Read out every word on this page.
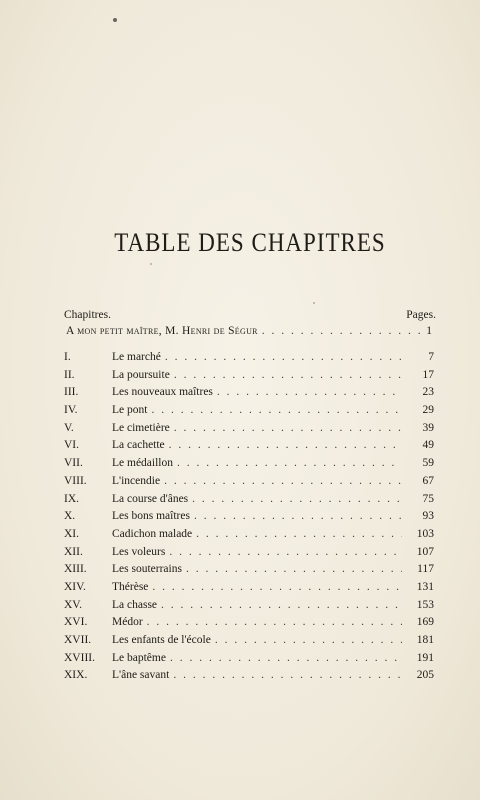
TABLE DES CHAPITRES
Chapitres.	Pages.
A mon petit maître, M. Henri de Ségur . . .	1
I.	Le marché . . .	7
II.	La poursuite . . .	17
III.	Les nouveaux maîtres . . .	23
IV.	Le pont . . .	29
V.	Le cimetière . . .	39
VI.	La cachette . . .	49
VII.	Le médaillon . . .	59
VIII.	L'incendie . . .	67
IX.	La course d'ânes . . .	75
X.	Les bons maîtres . . .	93
XI.	Cadichon malade . . .	103
XII.	Les voleurs . . .	107
XIII.	Les souterrains . . .	117
XIV.	Thérèse . . .	131
XV.	La chasse . . .	153
XVI.	Médor . . .	169
XVII.	Les enfants de l'école . . .	181
XVIII.	Le baptême . . .	191
XIX.	L'âne savant . . .	205
